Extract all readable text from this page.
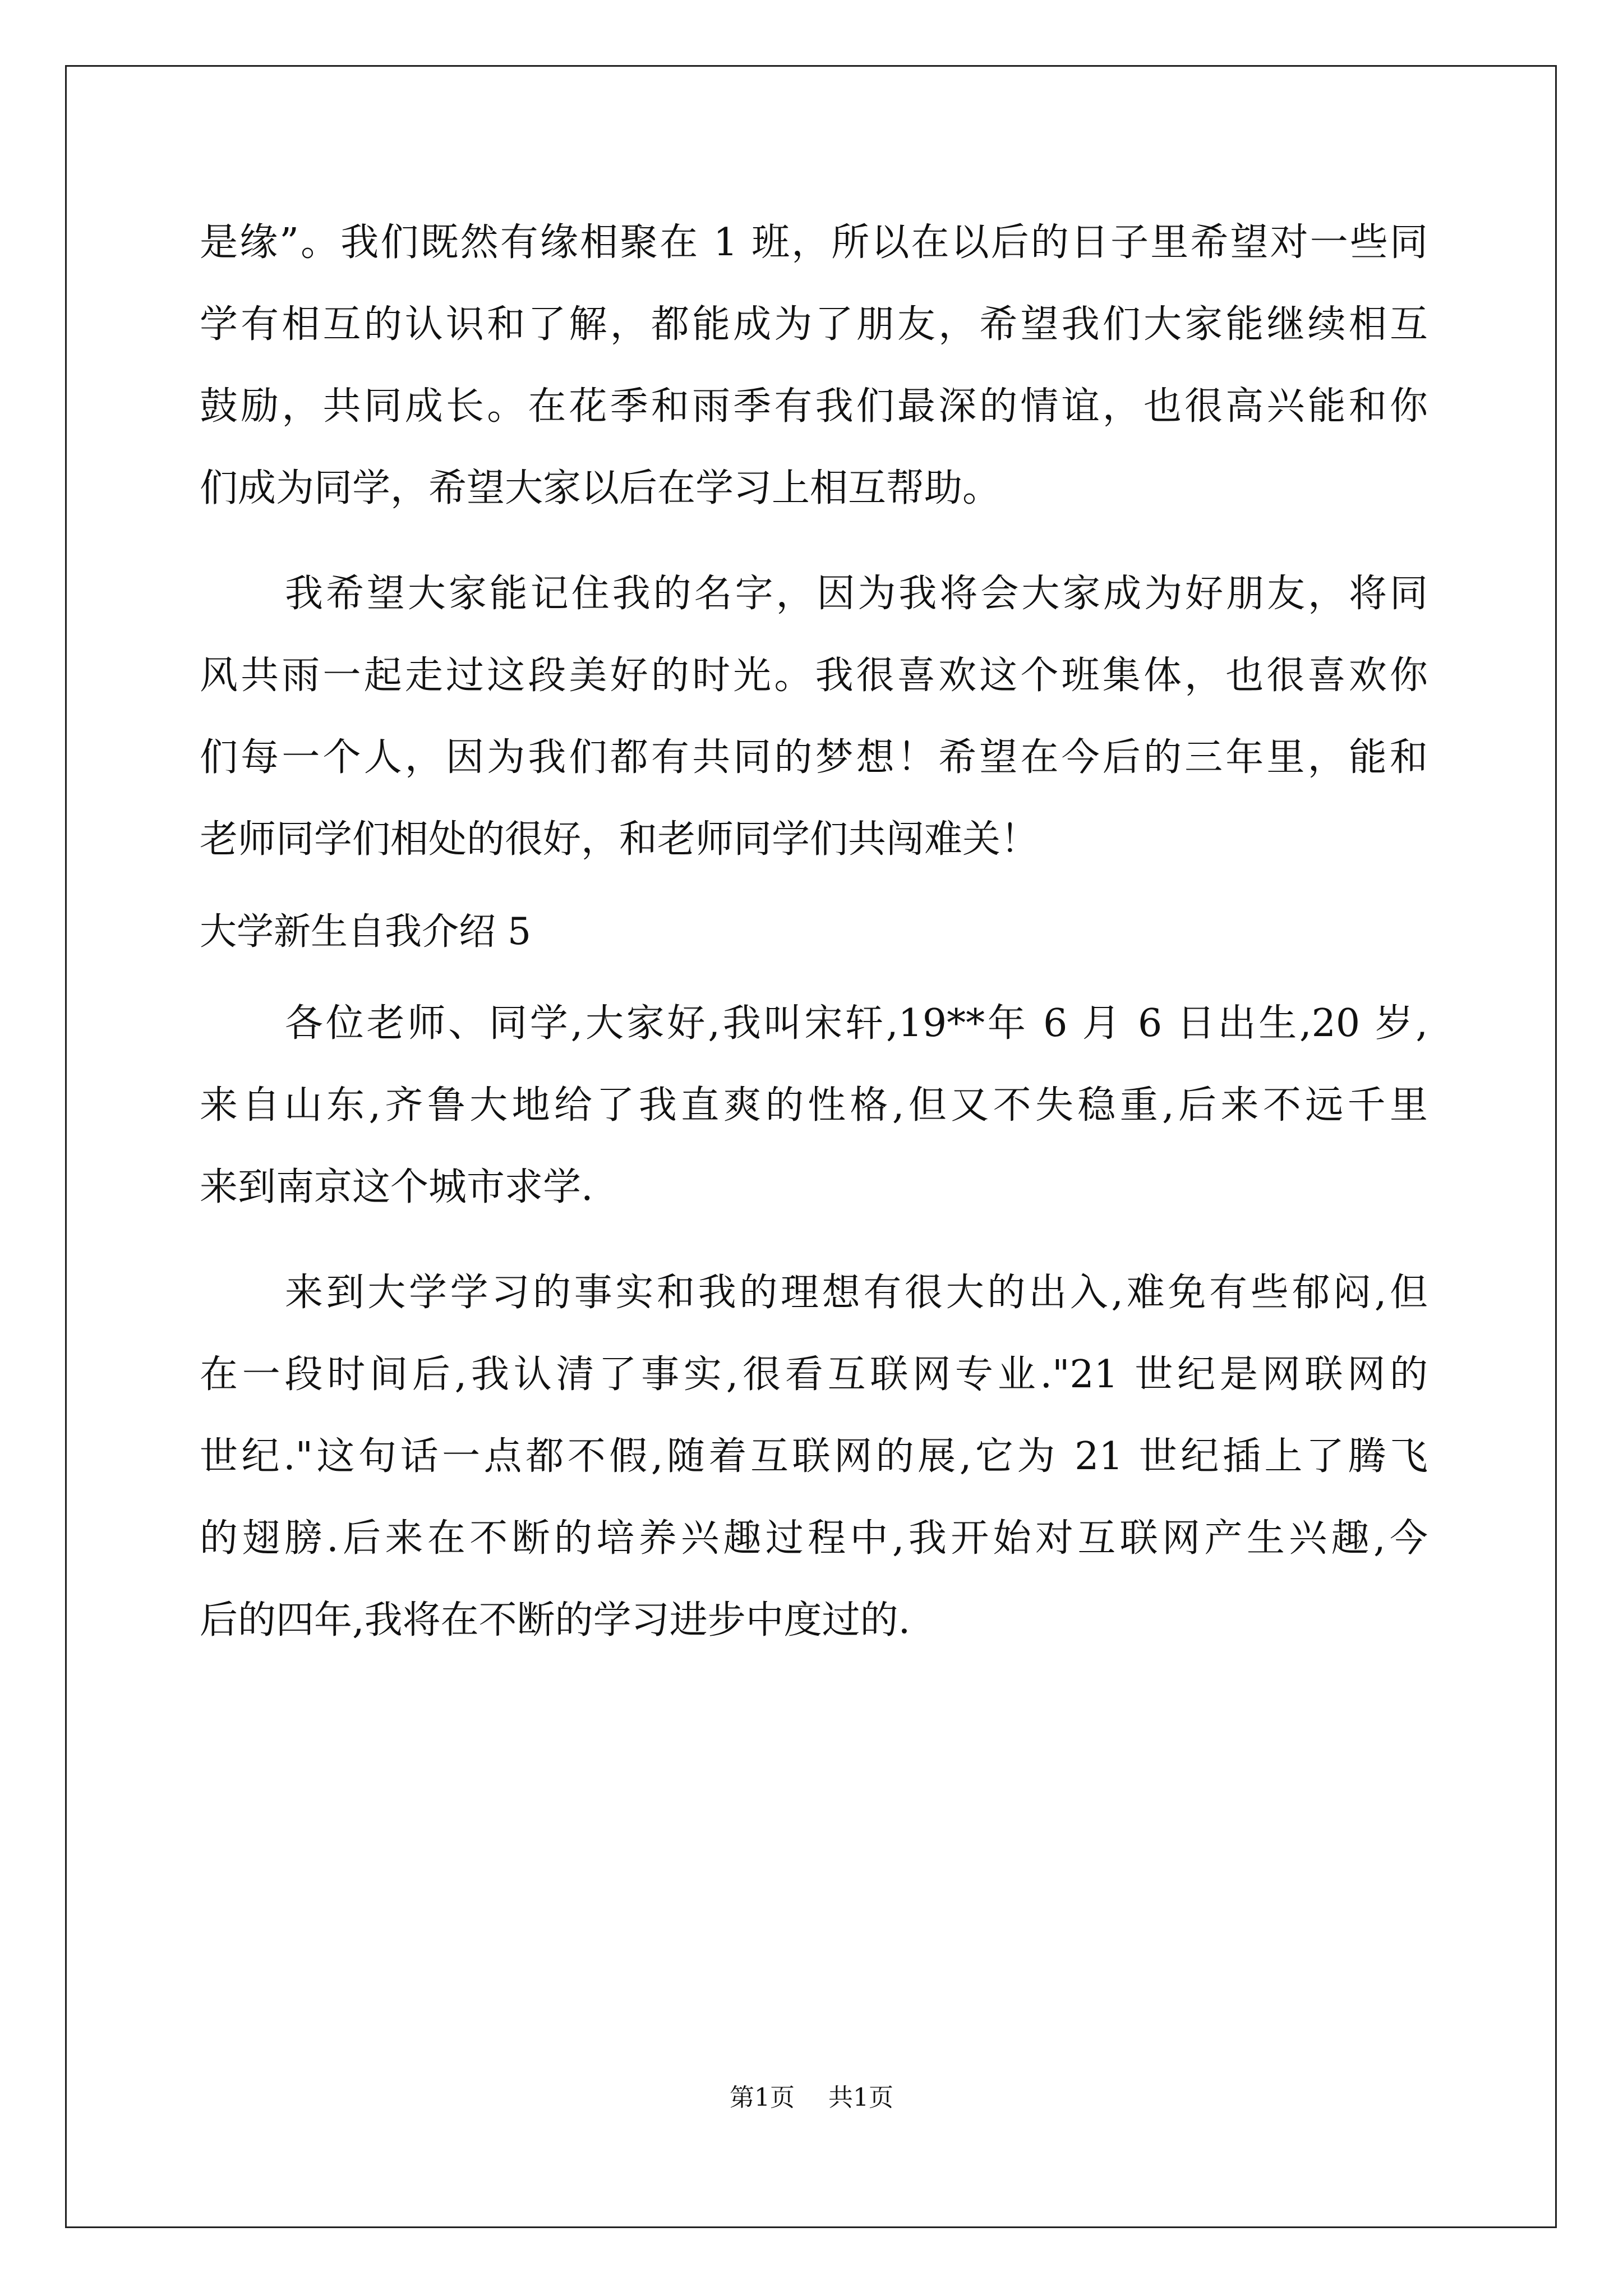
是缘”。我们既然有缘相聚在 1 班，所以在以后的日子里希望对一些同
学有相互的认识和了解，都能成为了朋友，希望我们大家能继续相互
鼓励，共同成长。在花季和雨季有我们最深的情谊，也很高兴能和你
们成为同学，希望大家以后在学习上相互帮助。
我希望大家能记住我的名字，因为我将会大家成为好朋友，将同
风共雨一起走过这段美好的时光。我很喜欢这个班集体，也很喜欢你
们每一个人，因为我们都有共同的梦想！希望在今后的三年里，能和
老师同学们相处的很好，和老师同学们共闯难关！
大学新生自我介绍 5
各位老师、同学,大家好,我叫宋轩,19**年 6 月 6 日出生,20 岁,
来自山东,齐鲁大地给了我直爽的性格,但又不失稳重,后来不远千里
来到南京这个城市求学.
来到大学学习的事实和我的理想有很大的出入,难免有些郁闷,但
在一段时间后,我认清了事实,很看互联网专业."21 世纪是网联网的
世纪."这句话一点都不假,随着互联网的展,它为 21 世纪插上了腾飞
的翅膀.后来在不断的培养兴趣过程中,我开始对互联网产生兴趣,今
后的四年,我将在不断的学习进步中度过的.
第1页 共1页
